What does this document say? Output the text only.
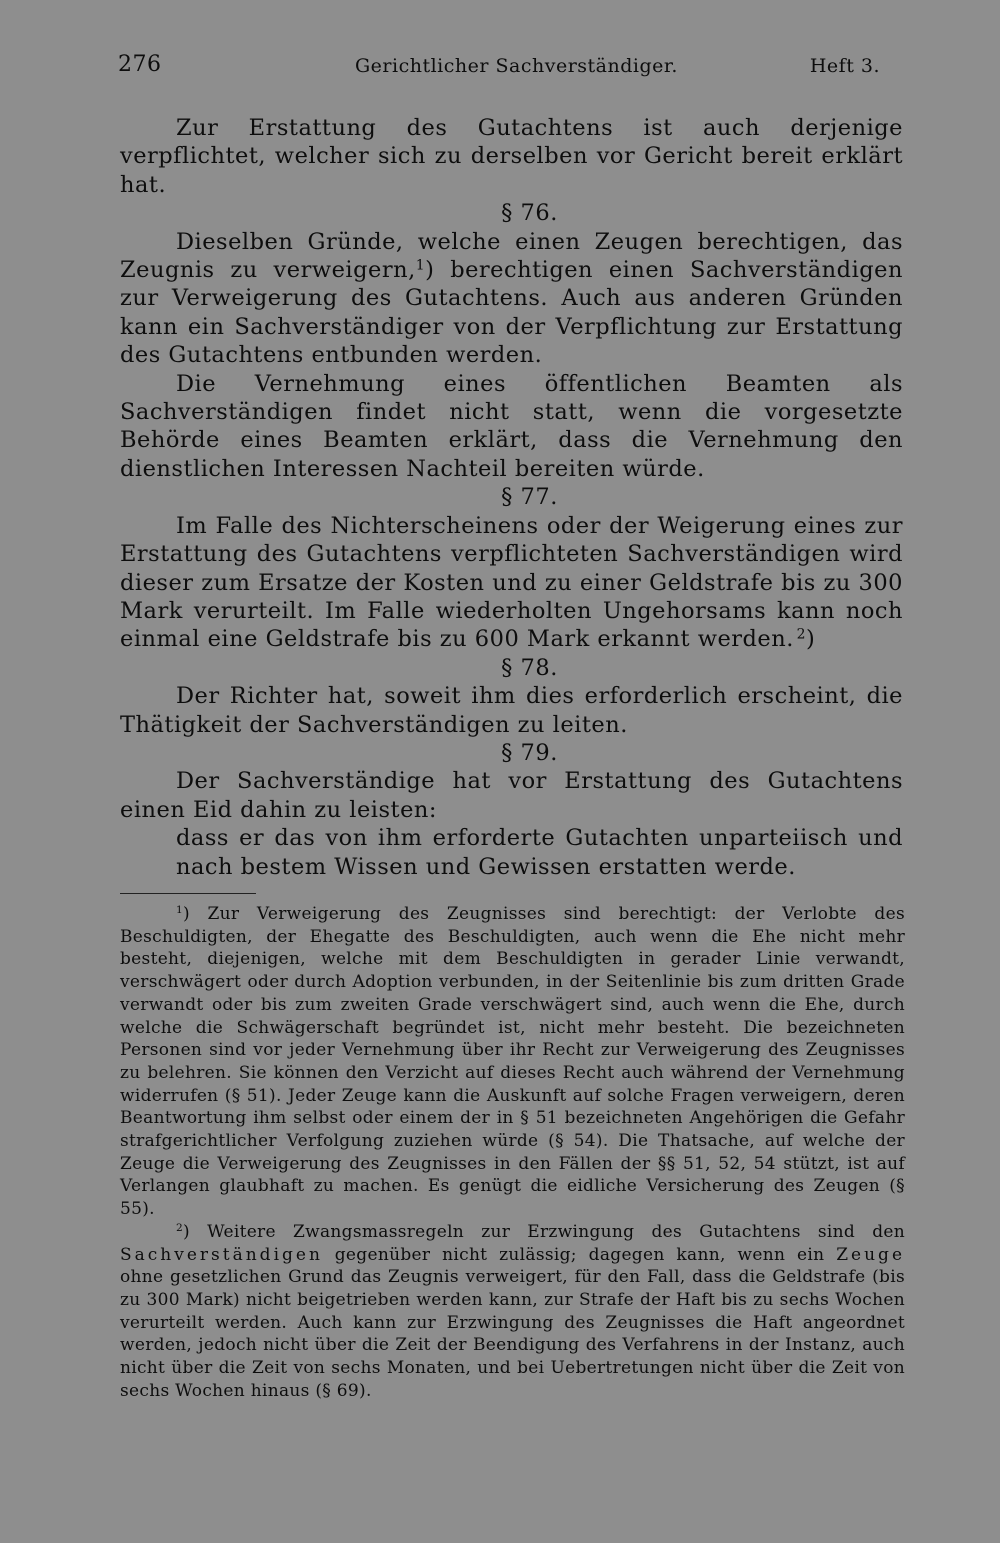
276	Gerichtlicher Sachverständiger.	Heft 3.

Zur Erstattung des Gutachtens ist auch derjenige verpflichtet, welcher sich zu derselben vor Gericht bereit erklärt hat.

§ 76.

Dieselben Gründe, welche einen Zeugen berechtigen, das Zeugnis zu verweigern,$^1$) berechtigen einen Sachverständigen zur Verweigerung des Gutachtens. Auch aus anderen Gründen kann ein Sachverständiger von der Verpflichtung zur Erstattung des Gutachtens entbunden werden.

Die Vernehmung eines öffentlichen Beamten als Sachverständigen findet nicht statt, wenn die vorgesetzte Behörde eines Beamten erklärt, dass die Vernehmung den dienstlichen Interessen Nachteil bereiten würde.

§ 77.

Im Falle des Nichterscheinens oder der Weigerung eines zur Erstattung des Gutachtens verpflichteten Sachverständigen wird dieser zum Ersatze der Kosten und zu einer Geldstrafe bis zu 300 Mark verurteilt. Im Falle wiederholten Ungehorsams kann noch einmal eine Geldstrafe bis zu 600 Mark erkannt werden.  $^2$)

§ 78.

Der Richter hat, soweit ihm dies erforderlich erscheint, die Thätigkeit der Sachverständigen zu leiten.

§ 79.

Der Sachverständige hat vor Erstattung des Gutachtens einen Eid dahin zu leisten:

dass er das von ihm erforderte Gutachten unparteiisch und nach bestem Wissen und Gewissen erstatten werde.

$^1$) Zur Verweigerung des Zeugnisses sind berechtigt: der Verlobte des Beschuldigten, der Ehegatte des Beschuldigten, auch wenn die Ehe nicht mehr besteht, diejenigen, welche mit dem Beschuldigten in gerader Linie verwandt, verschwägert oder durch Adoption verbunden, in der Seitenlinie bis zum dritten Grade verwandt oder bis zum zweiten Grade verschwägert sind, auch wenn die Ehe, durch welche die Schwägerschaft begründet ist, nicht mehr besteht. Die bezeichneten Personen sind vor jeder Vernehmung über ihr Recht zur Verweigerung des Zeugnisses zu belehren. Sie können den Verzicht auf dieses Recht auch während der Vernehmung widerrufen (§ 51). Jeder Zeuge kann die Auskunft auf solche Fragen verweigern, deren Beantwortung ihm selbst oder einem der in § 51 bezeichneten Angehörigen die Gefahr strafgerichtlicher Verfolgung zuziehen würde (§ 54). Die Thatsache, auf welche der Zeuge die Verweigerung des Zeugnisses in den Fällen der §§ 51, 52, 54 stützt, ist auf Verlangen glaubhaft zu machen. Es genügt die eidliche Versicherung des Zeugen (§ 55).

$^2$) Weitere Zwangsmassregeln zur Erzwingung des Gutachtens sind den Sachverständigen gegenüber nicht zulässig; dagegen kann, wenn ein Zeuge ohne gesetzlichen Grund das Zeugnis verweigert, für den Fall, dass die Geldstrafe (bis zu 300 Mark) nicht beigetrieben werden kann, zur Strafe der Haft bis zu sechs Wochen verurteilt werden. Auch kann zur Erzwingung des Zeugnisses die Haft angeordnet werden, jedoch nicht über die Zeit der Beendigung des Verfahrens in der Instanz, auch nicht über die Zeit von sechs Monaten, und bei Uebertretungen nicht über die Zeit von sechs Wochen hinaus (§ 69).
